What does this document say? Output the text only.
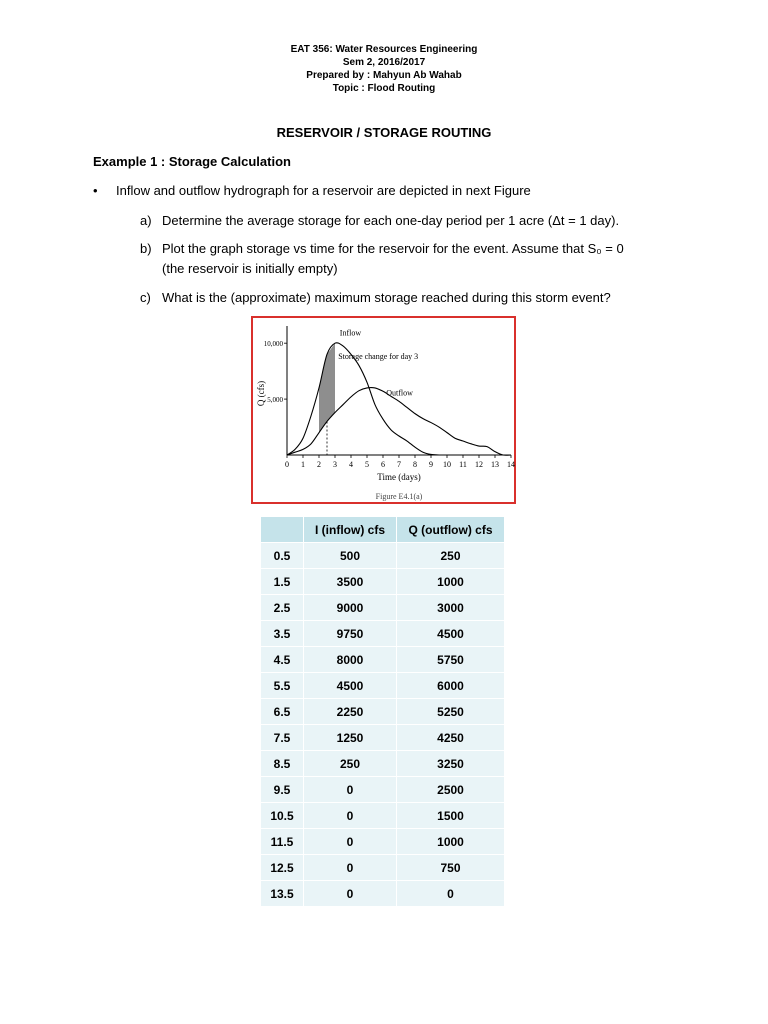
EAT 356: Water Resources Engineering
Sem 2, 2016/2017
Prepared by : Mahyun Ab Wahab
Topic : Flood Routing
RESERVOIR / STORAGE ROUTING
Example 1 : Storage Calculation
• Inflow and outflow hydrograph for a reservoir are depicted in next Figure
a) Determine the average storage for each one-day period per 1 acre (Δt = 1 day).
b) Plot the graph storage vs time for the reservoir for the event. Assume that S₀ = 0
(the reservoir is initially empty)
c) What is the (approximate) maximum storage reached during this storm event?
0 1 2 3 4 5 6 7 8 9 10 11 12 13 14
5,000
10,000
Inflow
Storage change for day 3
Outflow
Time (days)
Q (cfs)
Figure E4.1(a)
	I (inflow) cfs	Q (outflow) cfs
0.5	500	250
1.5	3500	1000
2.5	9000	3000
3.5	9750	4500
4.5	8000	5750
5.5	4500	6000
6.5	2250	5250
7.5	1250	4250
8.5	250	3250
9.5	0	2500
10.5	0	1500
11.5	0	1000
12.5	0	750
13.5	0	0
